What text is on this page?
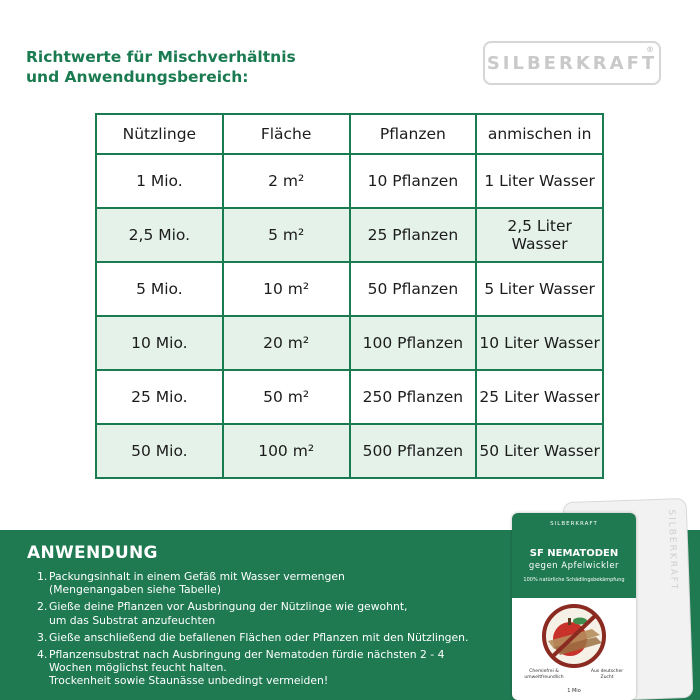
Richtwerte für Mischverhältnis
und Anwendungsbereich:
SILBERKRAFT
®
Nützlinge	Fläche	Pflanzen	anmischen in
1 Mio.	2 m²	10 Pflanzen	1 Liter Wasser
2,5 Mio.	5 m²	25 Pflanzen	2,5 Liter Wasser
5 Mio.	10 m²	50 Pflanzen	5 Liter Wasser
10 Mio.	20 m²	100 Pflanzen	10 Liter Wasser
25 Mio.	50 m²	250 Pflanzen	25 Liter Wasser
50 Mio.	100 m²	500 Pflanzen	50 Liter Wasser
ANWENDUNG
1. Packungsinhalt in einem Gefäß mit Wasser vermengen
(Mengenangaben siehe Tabelle)
2. Gieße deine Pflanzen vor Ausbringung der Nützlinge wie gewohnt,
um das Substrat anzufeuchten
3. Gieße anschließend die befallenen Flächen oder Pflanzen mit den Nützlingen.
4. Pflanzensubstrat nach Ausbringung der Nematoden fürdie nächsten 2 - 4
Wochen möglichst feucht halten.
Trockenheit sowie Staunässe unbedingt vermeiden!
SILBERKRAFT
SILBERKRAFT
SF NEMATODEN
gegen Apfelwickler
100% natürliche Schädlingsbekämpfung
Chemiefrei & umweltfreundlich
Aus deutscher Zucht
1 Mio
